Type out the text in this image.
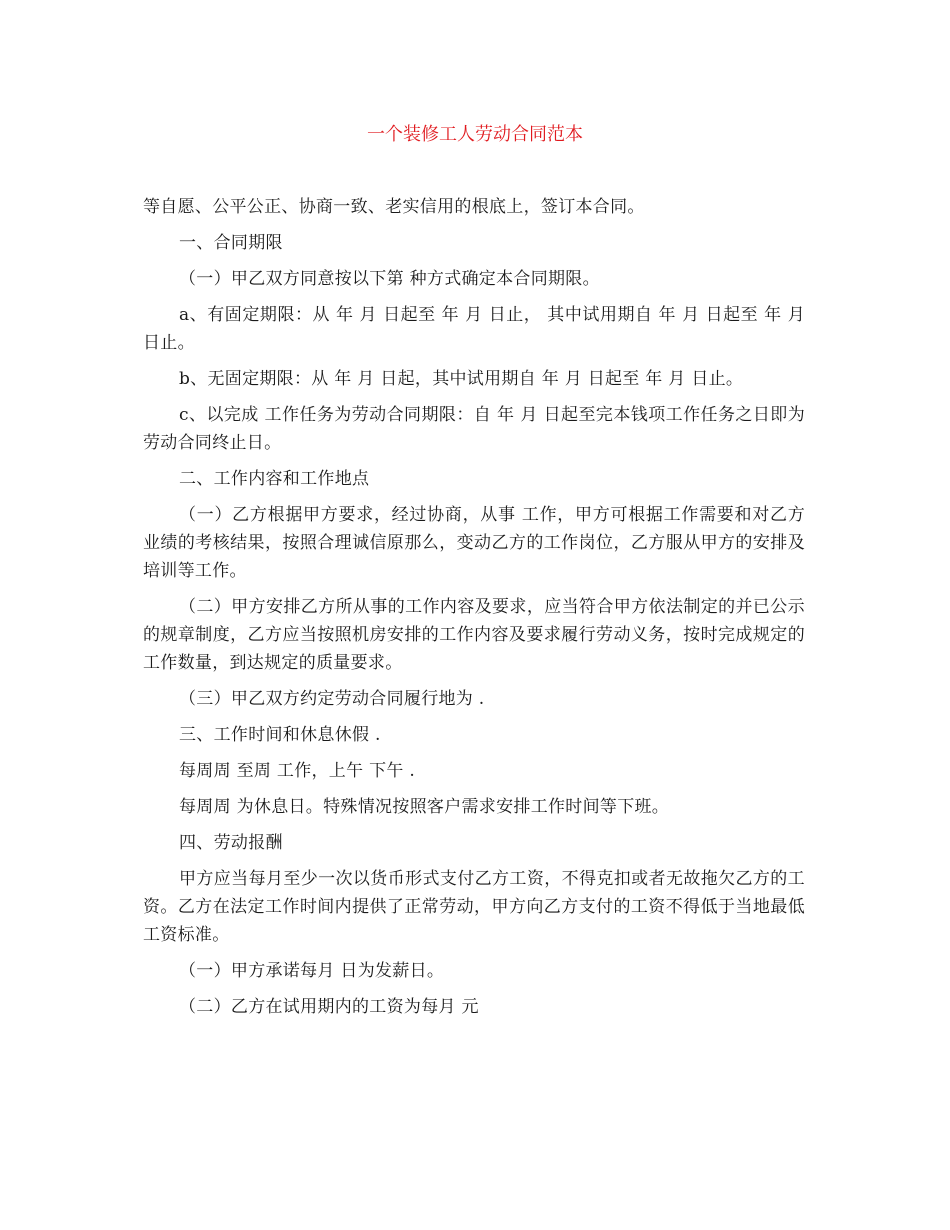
一个装修工人劳动合同范本

等自愿、公平公正、协商一致、老实信用的根底上，签订本合同。

一、合同期限

（一）甲乙双方同意按以下第 种方式确定本合同期限。

a、有固定期限：从 年 月 日起至 年 月 日止， 其中试用期自 年 月 日起至 年 月 日止。

b、无固定期限：从 年 月 日起，其中试用期自 年 月 日起至 年 月 日止。

c、以完成 工作任务为劳动合同期限：自 年 月 日起至完本钱项工作任务之日即为劳动合同终止日。

二、工作内容和工作地点

（一）乙方根据甲方要求，经过协商，从事 工作，甲方可根据工作需要和对乙方业绩的考核结果，按照合理诚信原那么，变动乙方的工作岗位，乙方服从甲方的安排及培训等工作。

（二）甲方安排乙方所从事的工作内容及要求，应当符合甲方依法制定的并已公示的规章制度，乙方应当按照机房安排的工作内容及要求履行劳动义务，按时完成规定的工作数量，到达规定的质量要求。

（三）甲乙双方约定劳动合同履行地为 .

三、工作时间和休息休假 .

每周周 至周 工作，上午 下午 .

每周周 为休息日。特殊情况按照客户需求安排工作时间等下班。

四、劳动报酬

甲方应当每月至少一次以货币形式支付乙方工资，不得克扣或者无故拖欠乙方的工资。乙方在法定工作时间内提供了正常劳动，甲方向乙方支付的工资不得低于当地最低工资标准。

（一）甲方承诺每月 日为发薪日。

（二）乙方在试用期内的工资为每月 元
